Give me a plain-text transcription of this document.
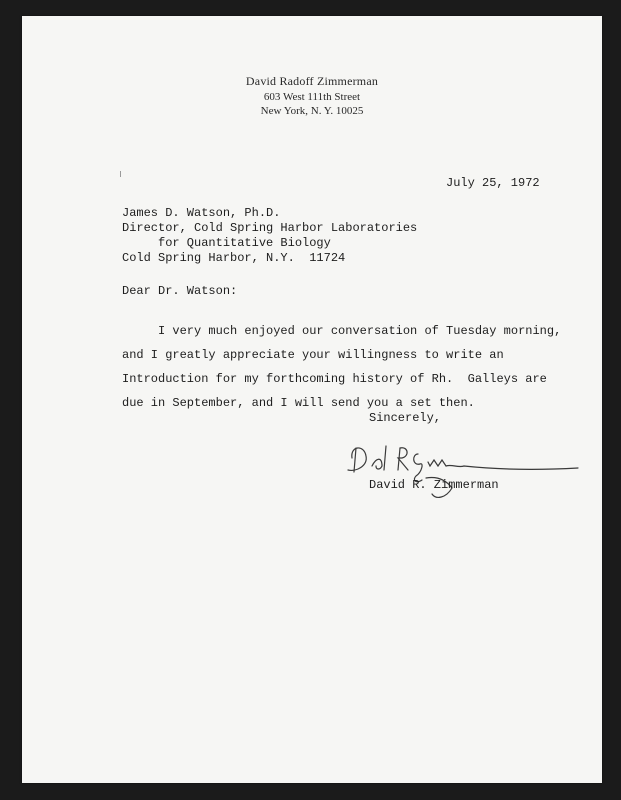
David Radoff Zimmerman
603 West 111th Street
New York, N. Y. 10025
July 25, 1972
James D. Watson, Ph.D.
Director, Cold Spring Harbor Laboratories
for Quantitative Biology
Cold Spring Harbor, N.Y.  11724
Dear Dr. Watson:
I very much enjoyed our conversation of Tuesday morning,
and I greatly appreciate your willingness to write an
Introduction for my forthcoming history of Rh.  Galleys are
due in September, and I will send you a set then.
Sincerely,
David R. Zimmerman
